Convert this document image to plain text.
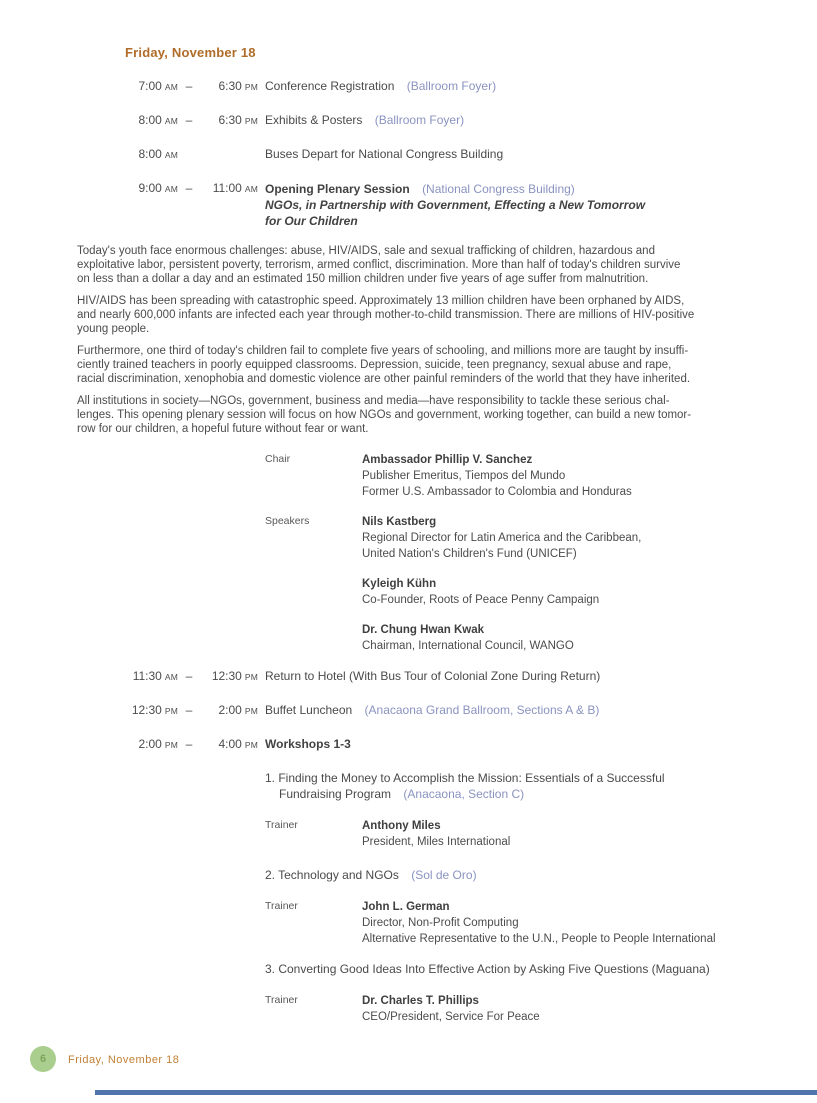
Friday, November 18
7:00 AM –	6:30 PM Conference Registration (Ballroom Foyer)
8:00 AM –	6:30 PM Exhibits & Posters (Ballroom Foyer)
8:00 AM	Buses Depart for National Congress Building
9:00 AM –	11:00 AM Opening Plenary Session (National Congress Building)
NGOs, in Partnership with Government, Effecting a New Tomorrow
for Our Children
Today's youth face enormous challenges: abuse, HIV/AIDS, sale and sexual trafficking of children, hazardous and
exploitative labor, persistent poverty, terrorism, armed conflict, discrimination. More than half of today's children survive
on less than a dollar a day and an estimated 150 million children under five years of age suffer from malnutrition.
HIV/AIDS has been spreading with catastrophic speed. Approximately 13 million children have been orphaned by AIDS,
and nearly 600,000 infants are infected each year through mother-to-child transmission. There are millions of HIV-positive
young people.
Furthermore, one third of today's children fail to complete five years of schooling, and millions more are taught by insuffi-
ciently trained teachers in poorly equipped classrooms. Depression, suicide, teen pregnancy, sexual abuse and rape,
racial discrimination, xenophobia and domestic violence are other painful reminders of the world that they have inherited.
All institutions in society—NGOs, government, business and media—have responsibility to tackle these serious chal-
lenges. This opening plenary session will focus on how NGOs and government, working together, can build a new tomor-
row for our children, a hopeful future without fear or want.
Chair	Ambassador Phillip V. Sanchez
Publisher Emeritus, Tiempos del Mundo
Former U.S. Ambassador to Colombia and Honduras
Speakers	Nils Kastberg
Regional Director for Latin America and the Caribbean,
United Nation's Children's Fund (UNICEF)
Kyleigh Kühn
Co-Founder, Roots of Peace Penny Campaign
Dr. Chung Hwan Kwak
Chairman, International Council, WANGO
11:30 AM –	12:30 PM Return to Hotel (With Bus Tour of Colonial Zone During Return)
12:30 PM –	2:00 PM Buffet Luncheon (Anacaona Grand Ballroom, Sections A & B)
2:00 PM –	4:00 PM Workshops 1-3
1. Finding the Money to Accomplish the Mission: Essentials of a Successful
Fundraising Program (Anacaona, Section C)
Trainer	Anthony Miles
President, Miles International
2. Technology and NGOs (Sol de Oro)
Trainer	John L. German
Director, Non-Profit Computing
Alternative Representative to the U.N., People to People International
3. Converting Good Ideas Into Effective Action by Asking Five Questions (Maguana)
Trainer	Dr. Charles T. Phillips
CEO/President, Service For Peace
6	Friday, November 18
